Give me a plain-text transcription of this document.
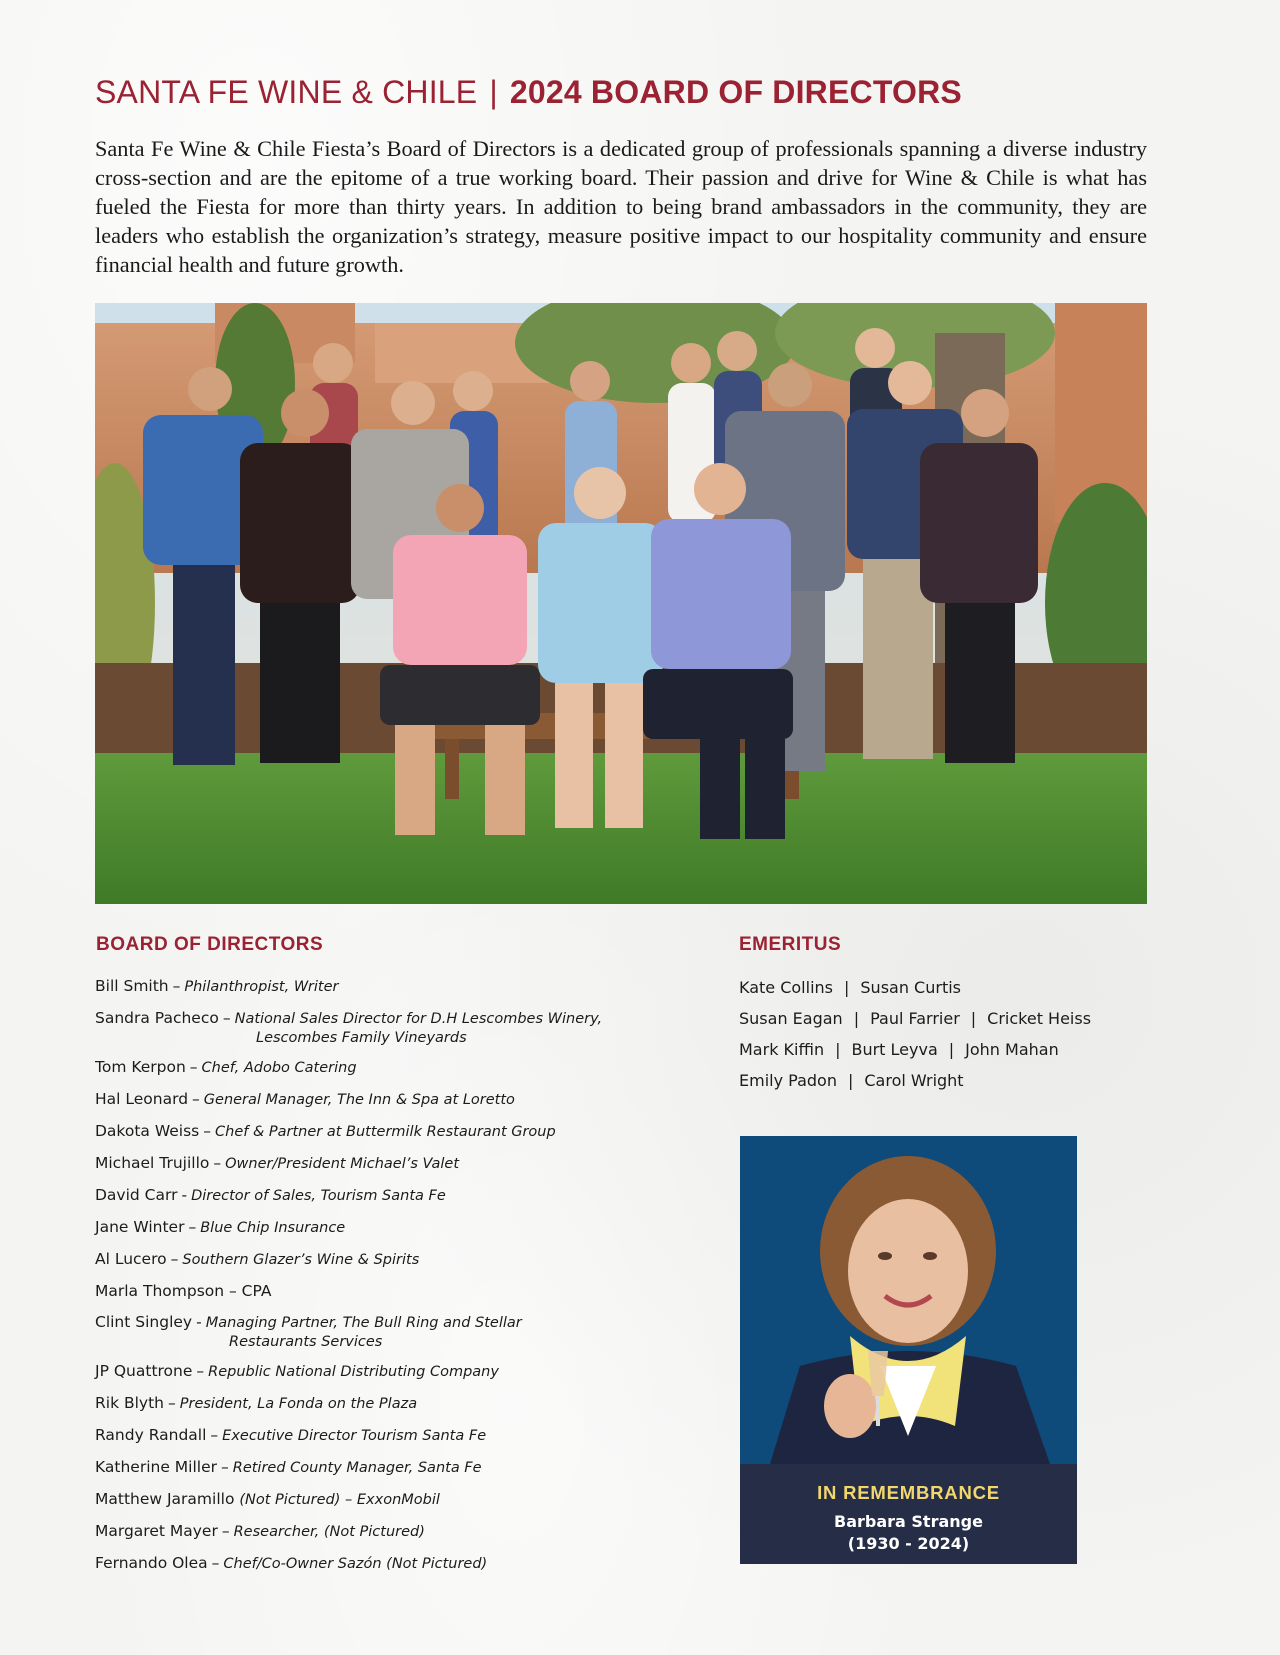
SANTA FE WINE & CHILE | 2024 BOARD OF DIRECTORS
Santa Fe Wine & Chile Fiesta’s Board of Directors is a dedicated group of professionals spanning a diverse industry cross-section and are the epitome of a true working board. Their passion and drive for Wine & Chile is what has fueled the Fiesta for more than thirty years. In addition to being brand ambassadors in the community, they are leaders who establish the organization’s strategy, measure positive impact to our hospitality community and ensure financial health and future growth.
BOARD OF DIRECTORS	EMERITUS
Bill Smith – Philanthropist, Writer
Sandra Pacheco – National Sales Director for D.H Lescombes Winery,
Lescombes Family Vineyards
Tom Kerpon – Chef, Adobo Catering
Hal Leonard – General Manager, The Inn & Spa at Loretto
Dakota Weiss – Chef & Partner at Buttermilk Restaurant Group
Michael Trujillo – Owner/President Michael’s Valet
David Carr - Director of Sales, Tourism Santa Fe
Jane Winter – Blue Chip Insurance
Al Lucero – Southern Glazer’s Wine & Spirits
Marla Thompson – CPA
Clint Singley - Managing Partner, The Bull Ring and Stellar
Restaurants Services
JP Quattrone – Republic National Distributing Company
Rik Blyth – President, La Fonda on the Plaza
Randy Randall – Executive Director Tourism Santa Fe
Katherine Miller – Retired County Manager, Santa Fe
Matthew Jaramillo (Not Pictured) – ExxonMobil
Margaret Mayer – Researcher, (Not Pictured)
Fernando Olea – Chef/Co-Owner Sazón (Not Pictured)
Kate Collins | Susan Curtis
Susan Eagan | Paul Farrier | Cricket Heiss
Mark Kiffin | Burt Leyva | John Mahan
Emily Padon | Carol Wright
IN REMEMBRANCE
Barbara Strange
(1930 - 2024)
